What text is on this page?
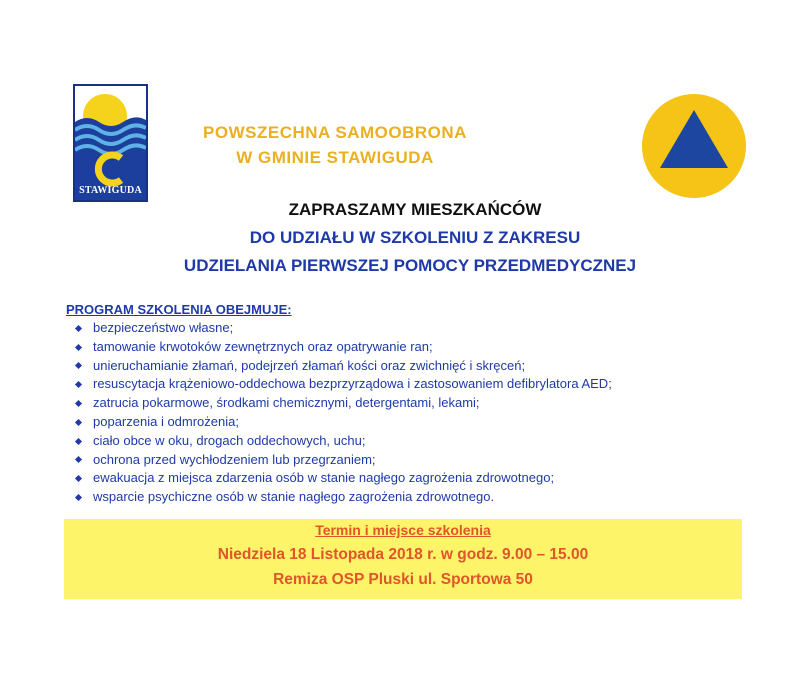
STAWIGUDA
POWSZECHNA SAMOOBRONA
W GMINIE STAWIGUDA
ZAPRASZAMY MIESZKAŃCÓW
DO UDZIAŁU W SZKOLENIU Z ZAKRESU
UDZIELANIA PIERWSZEJ POMOCY PRZEDMEDYCZNEJ
PROGRAM SZKOLENIA OBEJMUJE:
bezpieczeństwo własne;
tamowanie krwotoków zewnętrznych oraz opatrywanie ran;
unieruchamianie złamań, podejrzeń złamań kości oraz zwichnięć i skręceń;
resuscytacja krążeniowo-oddechowa bezprzyrządowa i zastosowaniem defibrylatora AED;
zatrucia pokarmowe, środkami chemicznymi, detergentami, lekami;
poparzenia i odmrożenia;
ciało obce w oku, drogach oddechowych, uchu;
ochrona przed wychłodzeniem lub przegrzaniem;
ewakuacja z miejsca zdarzenia osób w stanie nagłego zagrożenia zdrowotnego;
wsparcie psychiczne osób w stanie nagłego zagrożenia zdrowotnego.
Termin i miejsce szkolenia
Niedziela 18 Listopada 2018 r. w godz. 9.00 – 15.00
Remiza OSP Pluski ul. Sportowa 50
